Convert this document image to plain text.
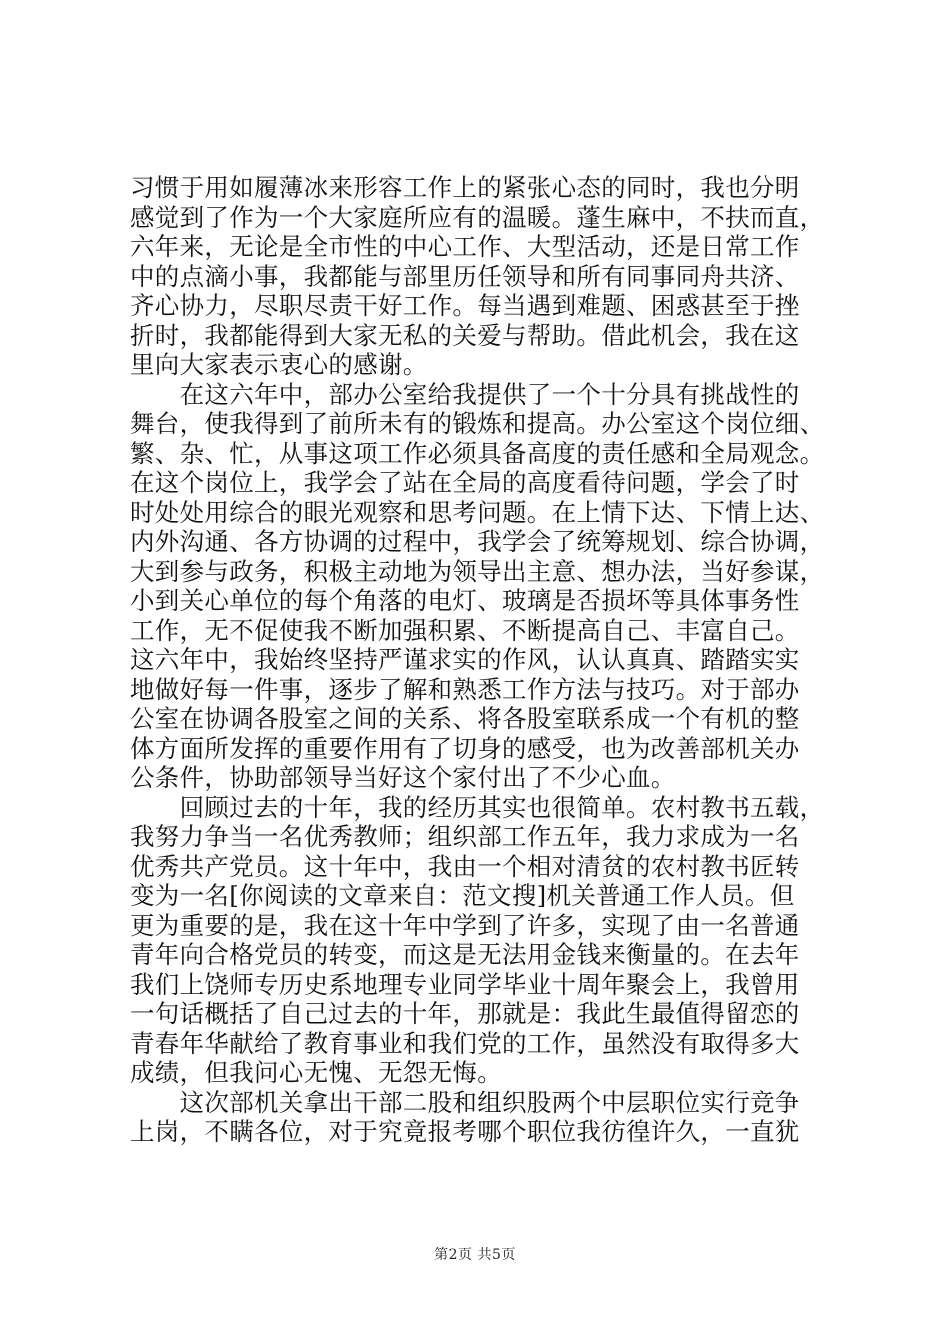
习惯于用如履薄冰来形容工作上的紧张心态的同时，我也分明
感觉到了作为一个大家庭所应有的温暖。蓬生麻中，不扶而直，
六年来，无论是全市性的中心工作、大型活动，还是日常工作
中的点滴小事，我都能与部里历任领导和所有同事同舟共济、
齐心协力，尽职尽责干好工作。每当遇到难题、困惑甚至于挫
折时，我都能得到大家无私的关爱与帮助。借此机会，我在这
里向大家表示衷心的感谢。
　　在这六年中，部办公室给我提供了一个十分具有挑战性的
舞台，使我得到了前所未有的锻炼和提高。办公室这个岗位细、
繁、杂、忙，从事这项工作必须具备高度的责任感和全局观念。
在这个岗位上，我学会了站在全局的高度看待问题，学会了时
时处处用综合的眼光观察和思考问题。在上情下达、下情上达、
内外沟通、各方协调的过程中，我学会了统筹规划、综合协调，
大到参与政务，积极主动地为领导出主意、想办法，当好参谋，
小到关心单位的每个角落的电灯、玻璃是否损坏等具体事务性
工作，无不促使我不断加强积累、不断提高自己、丰富自己。
这六年中，我始终坚持严谨求实的作风，认认真真、踏踏实实
地做好每一件事，逐步了解和熟悉工作方法与技巧。对于部办
公室在协调各股室之间的关系、将各股室联系成一个有机的整
体方面所发挥的重要作用有了切身的感受，也为改善部机关办
公条件，协助部领导当好这个家付出了不少心血。
　　回顾过去的十年，我的经历其实也很简单。农村教书五载，
我努力争当一名优秀教师；组织部工作五年，我力求成为一名
优秀共产党员。这十年中，我由一个相对清贫的农村教书匠转
变为一名[你阅读的文章来自：范文搜]机关普通工作人员。但
更为重要的是，我在这十年中学到了许多，实现了由一名普通
青年向合格党员的转变，而这是无法用金钱来衡量的。在去年
我们上饶师专历史系地理专业同学毕业十周年聚会上，我曾用
一句话概括了自己过去的十年，那就是：我此生最值得留恋的
青春年华献给了教育事业和我们党的工作，虽然没有取得多大
成绩，但我问心无愧、无怨无悔。
　　这次部机关拿出干部二股和组织股两个中层职位实行竞争
上岗，不瞒各位，对于究竟报考哪个职位我彷徨许久，一直犹
第2页 共5页
